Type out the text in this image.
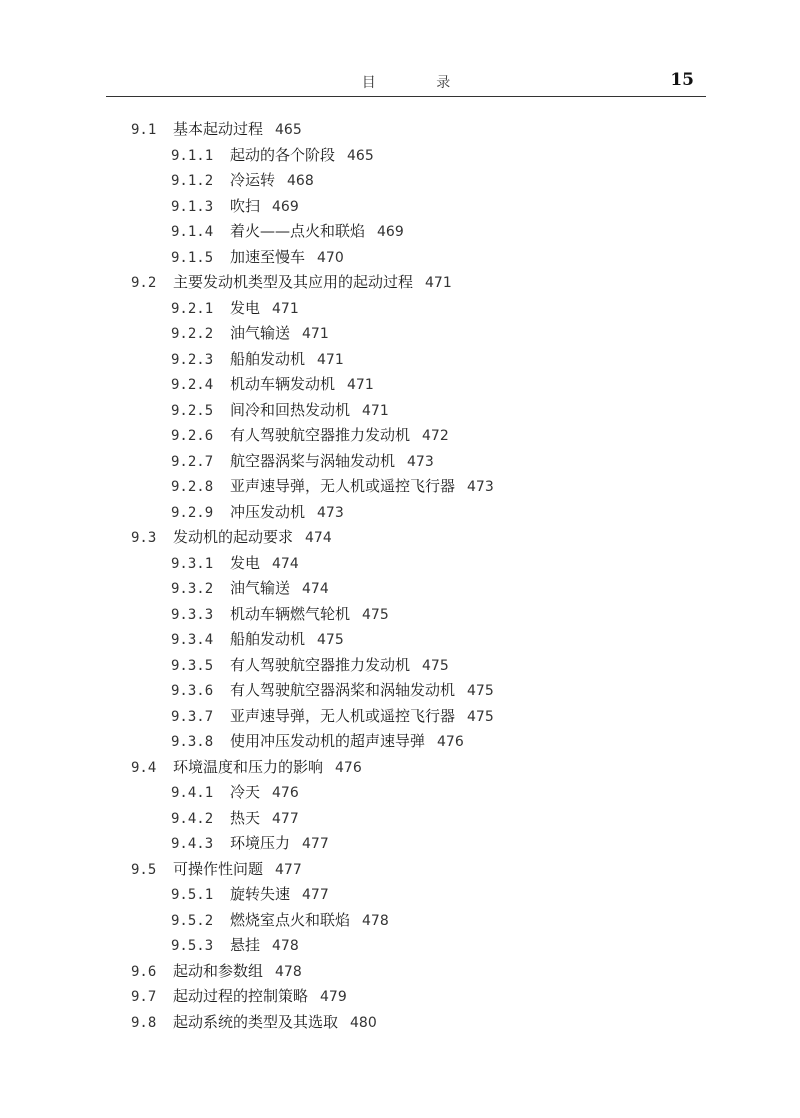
目 录	15
9.1 基本起动过程 465
9.1.1 起动的各个阶段 465
9.1.2 冷运转 468
9.1.3 吹扫 469
9.1.4 着火——点火和联焰 469
9.1.5 加速至慢车 470
9.2 主要发动机类型及其应用的起动过程 471
9.2.1 发电 471
9.2.2 油气输送 471
9.2.3 船舶发动机 471
9.2.4 机动车辆发动机 471
9.2.5 间冷和回热发动机 471
9.2.6 有人驾驶航空器推力发动机 472
9.2.7 航空器涡桨与涡轴发动机 473
9.2.8 亚声速导弹，无人机或遥控飞行器 473
9.2.9 冲压发动机 473
9.3 发动机的起动要求 474
9.3.1 发电 474
9.3.2 油气输送 474
9.3.3 机动车辆燃气轮机 475
9.3.4 船舶发动机 475
9.3.5 有人驾驶航空器推力发动机 475
9.3.6 有人驾驶航空器涡桨和涡轴发动机 475
9.3.7 亚声速导弹，无人机或遥控飞行器 475
9.3.8 使用冲压发动机的超声速导弹 476
9.4 环境温度和压力的影响 476
9.4.1 冷天 476
9.4.2 热天 477
9.4.3 环境压力 477
9.5 可操作性问题 477
9.5.1 旋转失速 477
9.5.2 燃烧室点火和联焰 478
9.5.3 悬挂 478
9.6 起动和参数组 478
9.7 起动过程的控制策略 479
9.8 起动系统的类型及其选取 480
